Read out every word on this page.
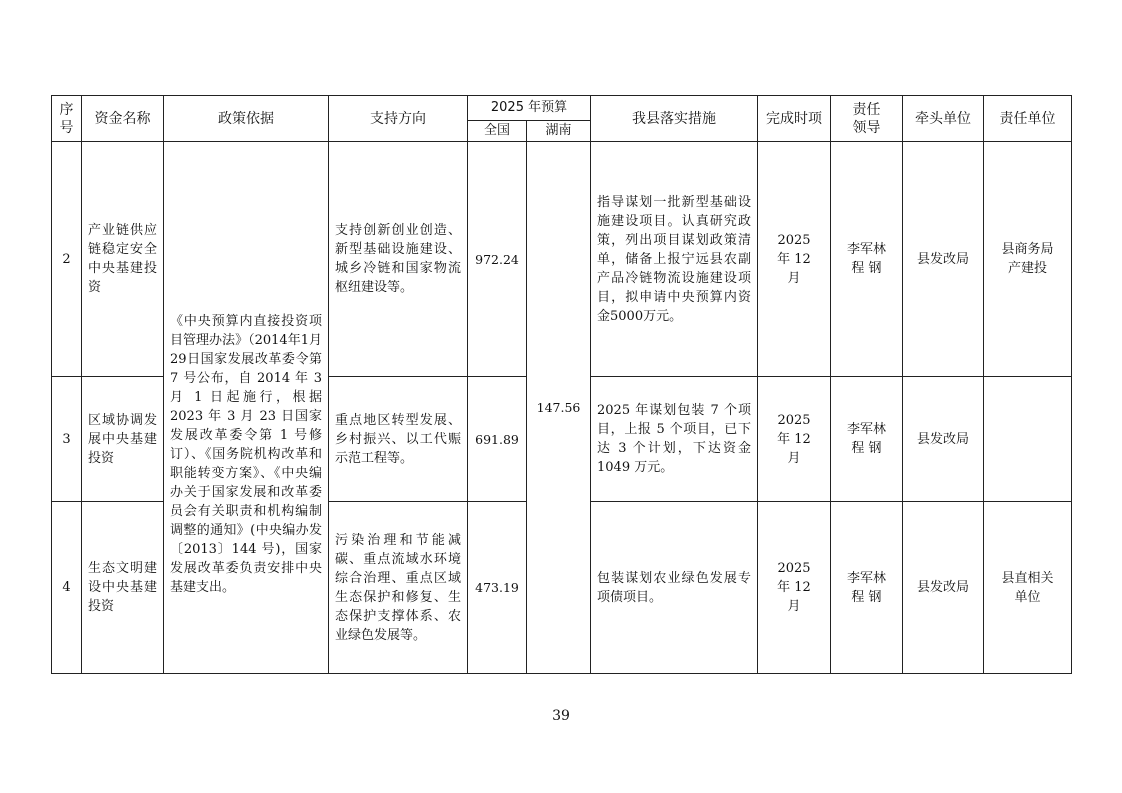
序号	资金名称	政策依据	支持方向	2025 年预算		我县落实措施	完成时项	责任领导	牵头单位	责任单位
				全国	湖南					
2	产业链供应链稳定安全中央基建投资	《中央预算内直接投资项目管理办法》（2014年1月29日国家发展改革委令第 7 号公布，自 2014 年 3 月 1 日起施行，根据 2023 年 3 月 23 日国家发展改革委令第 1 号修订）、《国务院机构改革和职能转变方案》、《中央编办关于国家发展和改革委员会有关职责和机构编制调整的通知》(中央编办发〔2013〕144 号)，国家发展改革委负责安排中央基建支出。	支持创新创业创造、新型基础设施建设、城乡冷链和国家物流枢纽建设等。	972.24	147.56	指导谋划一批新型基础设施建设项目。认真研究政策，列出项目谋划政策清单，储备上报宁远县农副产品冷链物流设施建设项目，拟申请中央预算内资金5000万元。	2025 年 12 月	李军林 程 钢	县发改局	县商务局 产建投

3	区域协调发展中央基建投资		重点地区转型发展、乡村振兴、以工代赈示范工程等。	691.89		2025 年谋划包装 7 个项目，上报 5 个项目，已下达 3 个计划，下达资金 1049 万元。	2025 年 12 月	李军林 程 钢	县发改局	
4	生态文明建设中央基建投资		污染治理和节能减碳、重点流域水环境综合治理、重点区域生态保护和修复、生态保护支撑体系、农业绿色发展等。	473.19		包装谋划农业绿色发展专项债项目。	2025 年 12 月	李军林 程 钢	县发改局	县直相关 单位
39
